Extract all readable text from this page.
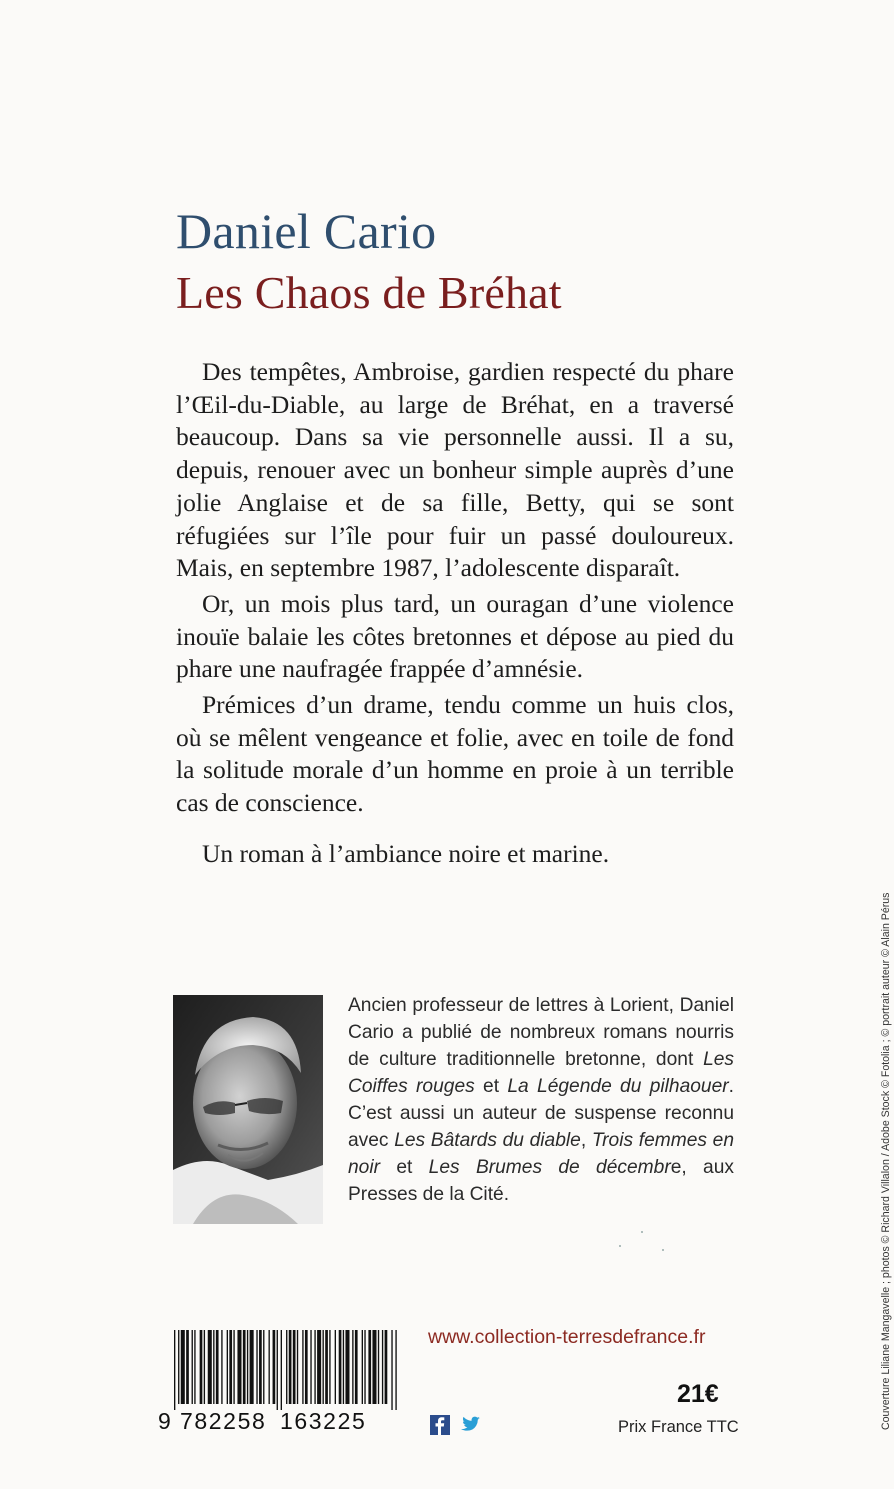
Daniel Cario
Les Chaos de Bréhat

Des tempêtes, Ambroise, gardien respecté du phare l’Œil-du-Diable, au large de Bréhat, en a traversé beaucoup. Dans sa vie personnelle aussi. Il a su, depuis, renouer avec un bonheur simple auprès d’une jolie Anglaise et de sa fille, Betty, qui se sont réfugiées sur l’île pour fuir un passé douloureux. Mais, en septembre 1987, l’adolescente disparaît.

Or, un mois plus tard, un ouragan d’une violence inouïe balaie les côtes bretonnes et dépose au pied du phare une naufragée frappée d’amnésie.

Prémices d’un drame, tendu comme un huis clos, où se mêlent vengeance et folie, avec en toile de fond la solitude morale d’un homme en proie à un terrible cas de conscience.

Un roman à l’ambiance noire et marine.

Ancien professeur de lettres à Lorient, Daniel Cario a publié de nombreux romans nourris de culture traditionnelle bretonne, dont Les Coiffes rouges et La Légende du pilhaouer. C’est aussi un auteur de suspense reconnu avec Les Bâtards du diable, Trois femmes en noir et Les Brumes de décembre, aux Presses de la Cité.

9 782258 163225
www.collection-terresdefrance.fr
21€
Prix France TTC	Couverture Liliane Mangavelle ; photos © Richard Villalon / Adobe Stock © Fotolia ; © portrait auteur © Alain Pérus
